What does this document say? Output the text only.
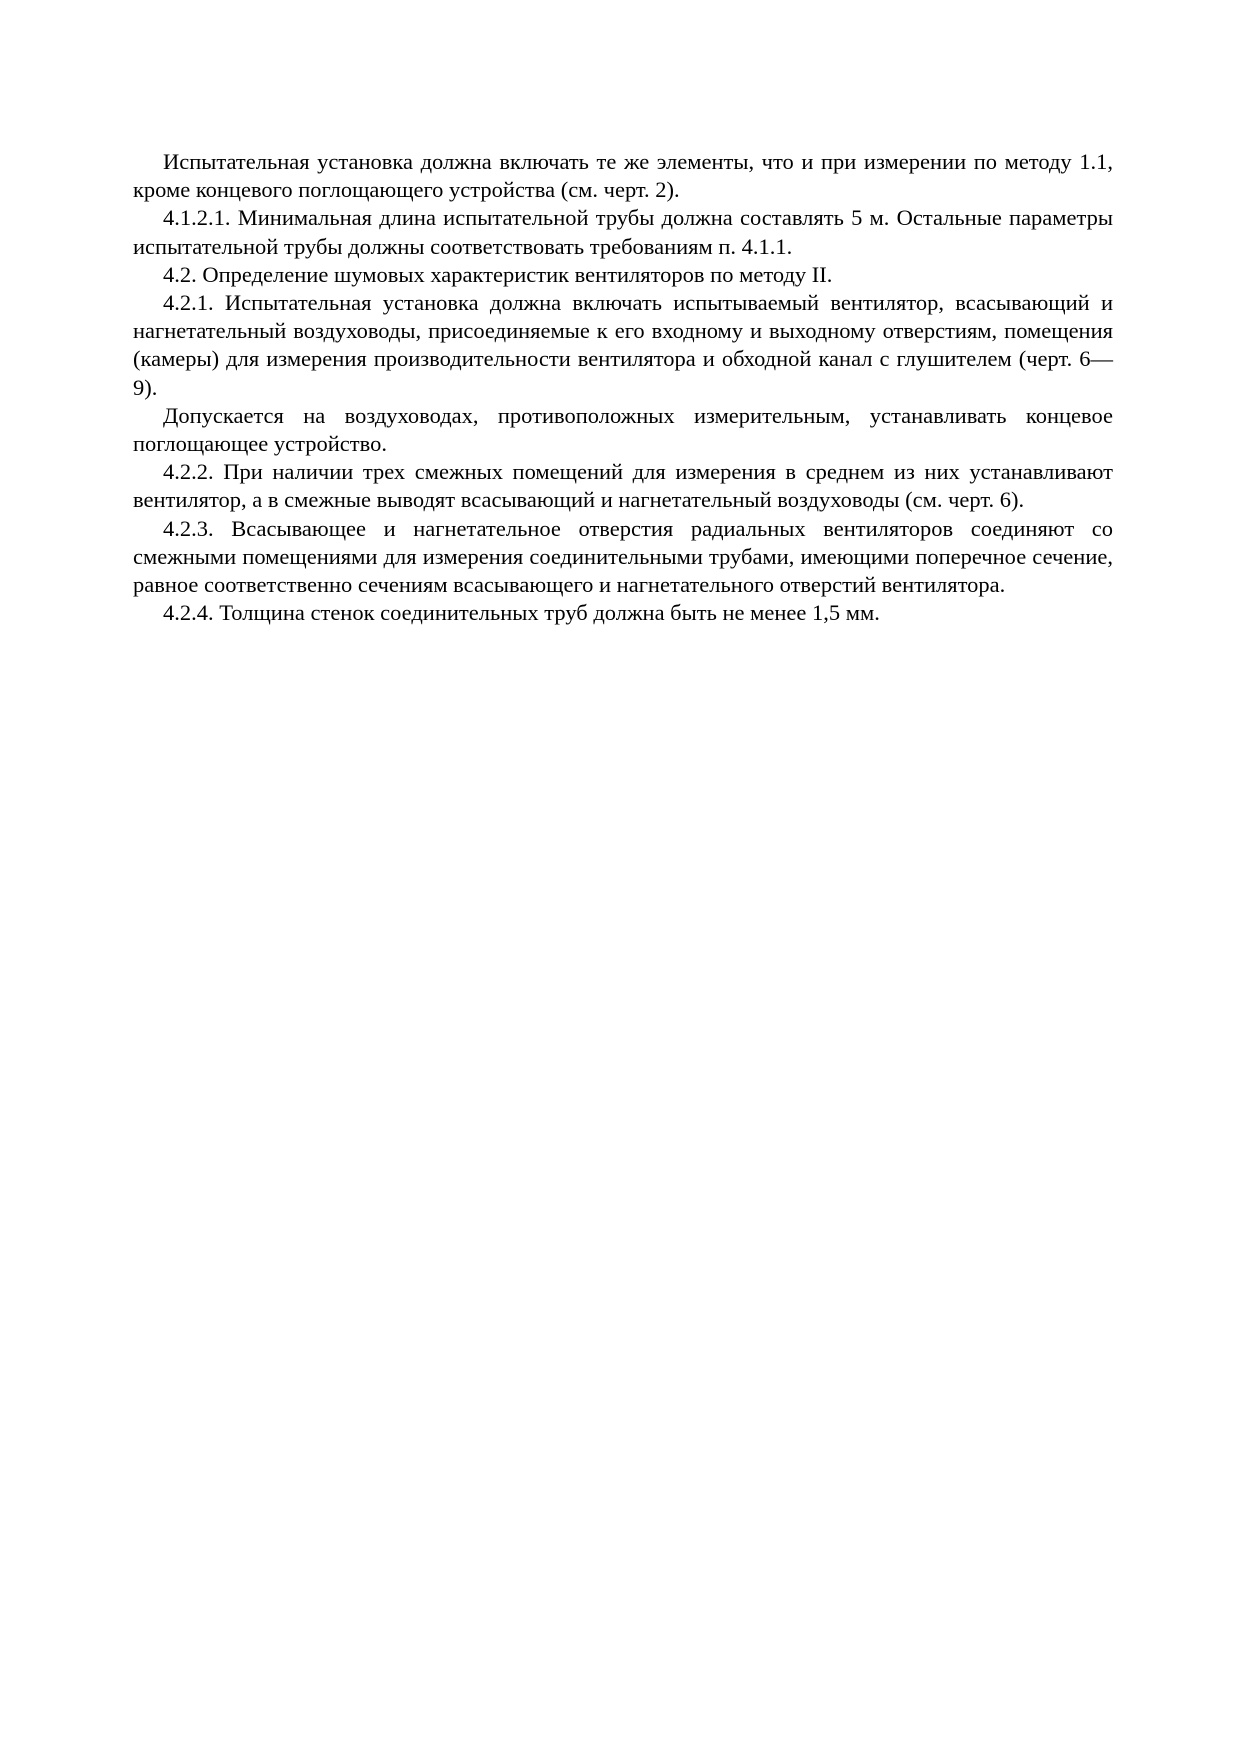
Испытательная установка должна включать те же элементы, что и при измерении по методу 1.1, кроме концевого поглощающего устройства (см. черт. 2).

4.1.2.1. Минимальная длина испытательной трубы должна составлять 5 м. Остальные параметры испытательной трубы должны соответствовать требованиям п. 4.1.1.

4.2. Определение шумовых характеристик вентиляторов по методу II.

4.2.1. Испытательная установка должна включать испытываемый вентилятор, всасывающий и нагнетательный воздуховоды, присоединяемые к его входному и выходному отверстиям, помещения (камеры) для измерения производительности вентилятора и обходной канал с глушителем (черт. 6—9).

Допускается на воздуховодах, противоположных измерительным, устанавливать концевое поглощающее устройство.

4.2.2. При наличии трех смежных помещений для измерения в среднем из них устанавливают вентилятор, а в смежные выводят всасывающий и нагнетательный воздуховоды (см. черт. 6).

4.2.3. Всасывающее и нагнетательное отверстия радиальных вентиляторов соединяют со смежными помещениями для измерения соединительными трубами, имеющими поперечное сечение, равное соответственно сечениям всасывающего и нагнетательного отверстий вентилятора.

4.2.4. Толщина стенок соединительных труб должна быть не менее 1,5 мм.
